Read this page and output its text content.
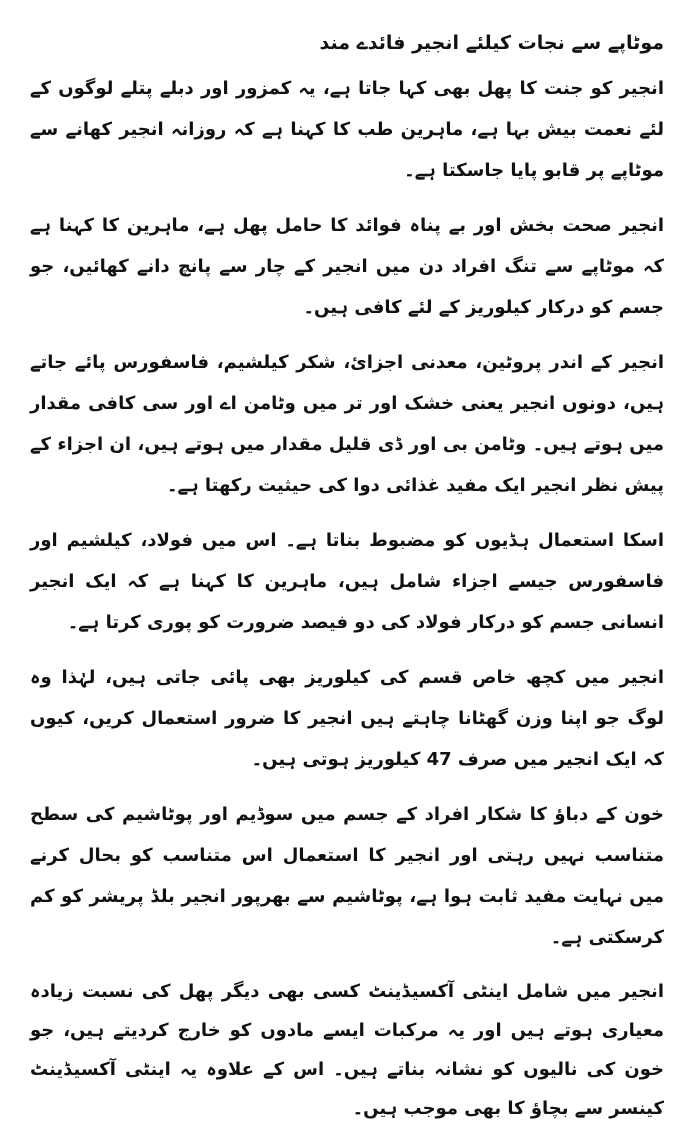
موٹاپے سے نجات کیلئے انجیر فائدے مند

انجیر کو جنت کا پھل بھی کہا جاتا ہے، یہ کمزور اور دبلے پتلے لوگوں کے لئے نعمت بیش بہا ہے، ماہرین طب کا کہنا ہے کہ روزانہ انجیر کھانے سے موٹاپے پر قابو پایا جاسکتا ہے۔

انجیر صحت بخش اور بے پناہ فوائد کا حامل پھل ہے، ماہرین کا کہنا ہے کہ موٹاپے سے تنگ افراد دن میں انجیر کے چار سے پانچ دانے کھائیں، جو جسم کو درکار کیلوریز کے لئے کافی ہیں۔

انجیر کے اندر پروٹین، معدنی اجزائ، شکر کیلشیم، فاسفورس پائے جاتے ہیں، دونوں انجیر یعنی خشک اور تر میں وٹامن اے اور سی کافی مقدار میں ہوتے ہیں۔ وٹامن بی اور ڈی قلیل مقدار میں ہوتے ہیں، ان اجزاء کے پیش نظر انجیر ایک مفید غذائی دوا کی حیثیت رکھتا ہے۔

اسکا استعمال ہڈیوں کو مضبوط بناتا ہے۔ اس میں فولاد، کیلشیم اور فاسفورس جیسے اجزاء شامل ہیں، ماہرین کا کہنا ہے کہ ایک انجیر انسانی جسم کو درکار فولاد کی دو فیصد ضرورت کو پوری کرتا ہے۔

انجیر میں کچھ خاص قسم کی کیلوریز بھی پائی جاتی ہیں، لہٰذا وہ لوگ جو اپنا وزن گھٹانا چاہتے ہیں انجیر کا ضرور استعمال کریں، کیوں کہ ایک انجیر میں صرف 47 کیلوریز ہوتی ہیں۔

خون کے دباؤ کا شکار افراد کے جسم میں سوڈیم اور پوٹاشیم کی سطح متناسب نہیں رہتی اور انجیر کا استعمال اس متناسب کو بحال کرنے میں نہایت مفید ثابت ہوا ہے، پوٹاشیم سے بھرپور انجیر بلڈ پریشر کو کم کرسکتی ہے۔

انجیر میں شامل اینٹی آکسیڈینٹ کسی بھی دیگر پھل کی نسبت زیادہ معیاری ہوتے ہیں اور یہ مرکبات ایسے مادوں کو خارج کردیتے ہیں، جو خون کی نالیوں کو نشانہ بناتے ہیں۔ اس کے علاوہ یہ اینٹی آکسیڈینٹ کینسر سے بچاؤ کا بھی موجب ہیں۔
